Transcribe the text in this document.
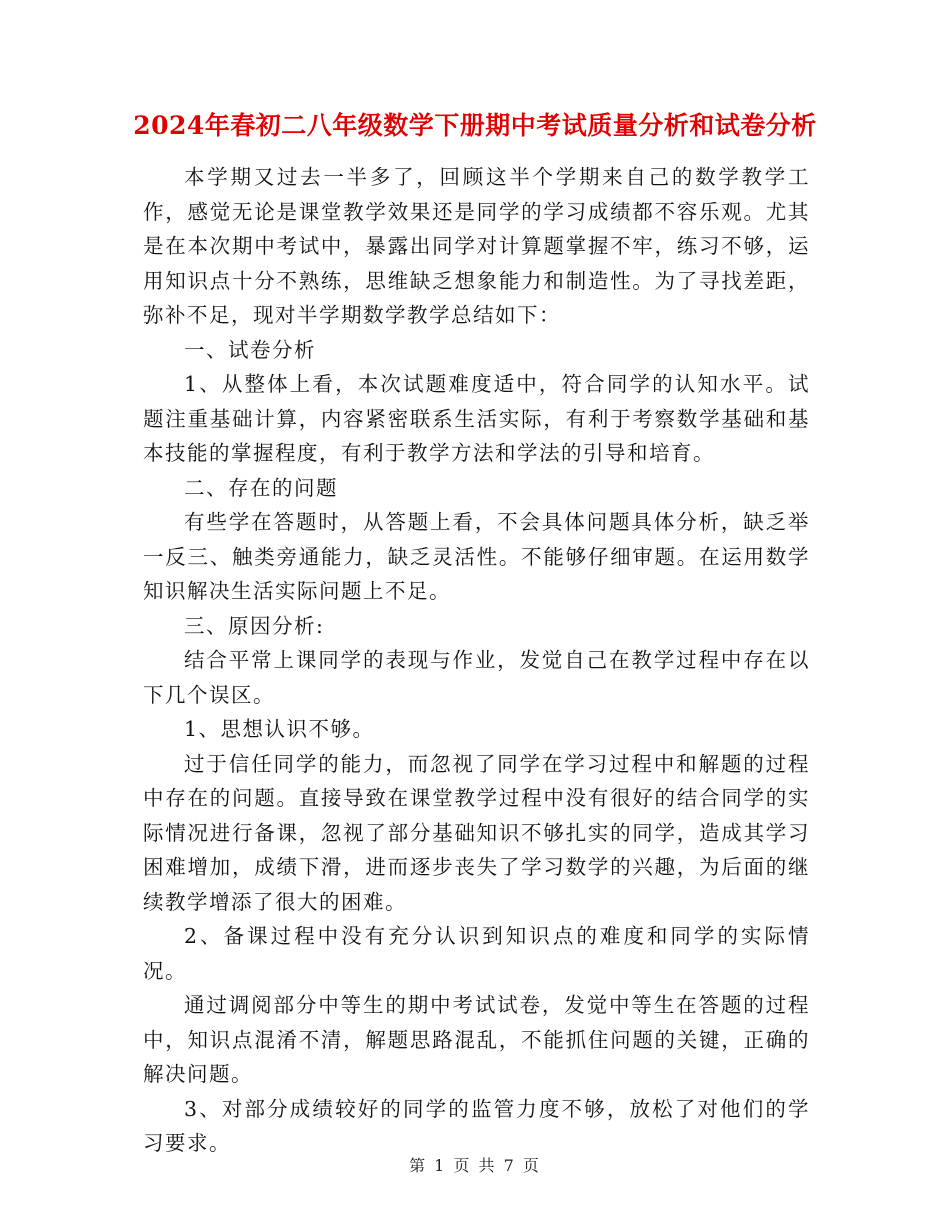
2024年春初二八年级数学下册期中考试质量分析和试卷分析

本学期又过去一半多了，回顾这半个学期来自己的数学教学工作，感觉无论是课堂教学效果还是同学的学习成绩都不容乐观。尤其是在本次期中考试中，暴露出同学对计算题掌握不牢，练习不够，运用知识点十分不熟练，思维缺乏想象能力和制造性。为了寻找差距，弥补不足，现对半学期数学教学总结如下：

一、试卷分析

1、从整体上看，本次试题难度适中，符合同学的认知水平。试题注重基础计算，内容紧密联系生活实际，有利于考察数学基础和基本技能的掌握程度，有利于教学方法和学法的引导和培育。

二、存在的问题

有些学在答题时，从答题上看，不会具体问题具体分析，缺乏举一反三、触类旁通能力，缺乏灵活性。不能够仔细审题。在运用数学知识解决生活实际问题上不足。

三、原因分析:

结合平常上课同学的表现与作业，发觉自己在教学过程中存在以下几个误区。

1、思想认识不够。

过于信任同学的能力，而忽视了同学在学习过程中和解题的过程中存在的问题。直接导致在课堂教学过程中没有很好的结合同学的实际情况进行备课，忽视了部分基础知识不够扎实的同学，造成其学习困难增加，成绩下滑，进而逐步丧失了学习数学的兴趣，为后面的继续教学增添了很大的困难。

2、备课过程中没有充分认识到知识点的难度和同学的实际情况。

通过调阅部分中等生的期中考试试卷，发觉中等生在答题的过程中，知识点混淆不清，解题思路混乱，不能抓住问题的关键，正确的解决问题。

3、对部分成绩较好的同学的监管力度不够，放松了对他们的学习要求。

第 1 页 共 7 页
